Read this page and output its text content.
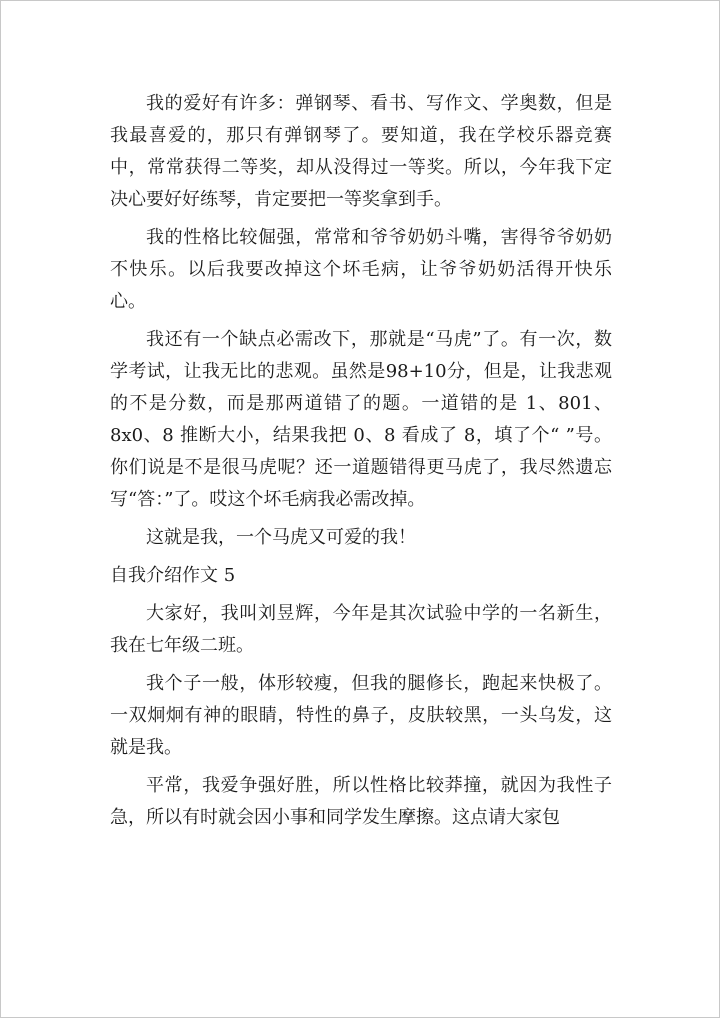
我的爱好有许多：弹钢琴、看书、写作文、学奥数，但是我最喜爱的，那只有弹钢琴了。要知道，我在学校乐器竞赛中，常常获得二等奖，却从没得过一等奖。所以，今年我下定决心要好好练琴，肯定要把一等奖拿到手。

我的性格比较倔强，常常和爷爷奶奶斗嘴，害得爷爷奶奶不快乐。以后我要改掉这个坏毛病，让爷爷奶奶活得开快乐心。

我还有一个缺点必需改下，那就是“马虎”了。有一次，数学考试，让我无比的悲观。虽然是98+10分，但是，让我悲观的不是分数，而是那两道错了的题。一道错的是 1、801、8x0、8 推断大小，结果我把 0、8 看成了 8，填了个“ ”号。你们说是不是很马虎呢？还一道题错得更马虎了，我尽然遗忘写“答：”了。哎这个坏毛病我必需改掉。

这就是我，一个马虎又可爱的我！

自我介绍作文 5

大家好，我叫刘昱辉，今年是其次试验中学的一名新生，我在七年级二班。

我个子一般，体形较瘦，但我的腿修长，跑起来快极了。一双炯炯有神的眼睛，特性的鼻子，皮肤较黑，一头乌发，这就是我。

平常，我爱争强好胜，所以性格比较莽撞，就因为我性子急，所以有时就会因小事和同学发生摩擦。这点请大家包
